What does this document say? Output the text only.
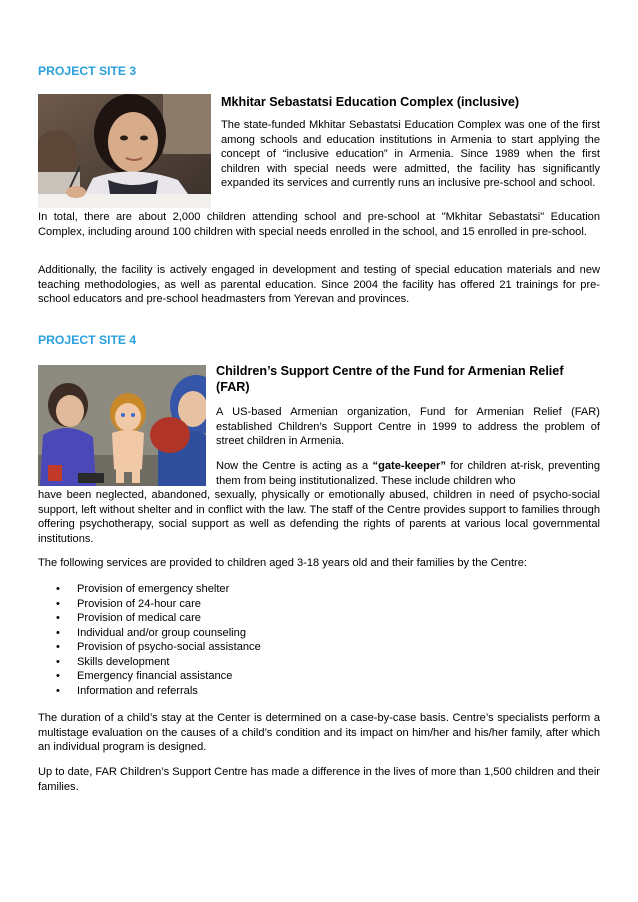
PROJECT SITE 3
Mkhitar Sebastatsi Education Complex (inclusive)

The state-funded Mkhitar Sebastatsi Education Complex was one of the first among schools and education institutions in Armenia to start applying the concept of “inclusive education” in Armenia. Since 1989 when the first children with special needs were admitted, the facility has significantly expanded its services and currently runs an inclusive pre-school and school.

In total, there are about 2,000 children attending school and pre-school at "Mkhitar Sebastatsi" Education Complex, including around 100 children with special needs enrolled in the school, and 15 enrolled in pre-school.

Additionally, the facility is actively engaged in development and testing of special education materials and new teaching methodologies, as well as parental education. Since 2004 the facility has offered 21 trainings for pre-school educators and pre-school headmasters from Yerevan and provinces.

PROJECT SITE 4
Children’s Support Centre of the Fund for Armenian Relief (FAR)

A US-based Armenian organization, Fund for Armenian Relief (FAR) established Children’s Support Centre in 1999 to address the problem of street children in Armenia.

Now the Centre is acting as a “gate-keeper” for children at-risk, preventing them from being institutionalized. These include children who

have been neglected, abandoned, sexually, physically or emotionally abused, children in need of psycho-social support, left without shelter and in conflict with the law. The staff of the Centre provides support to families through offering psychotherapy, social support as well as defending the rights of parents at various local governmental institutions.

The following services are provided to children aged 3-18 years old and their families by the Centre:

• Provision of emergency shelter
• Provision of 24-hour care
• Provision of medical care
• Individual and/or group counseling
• Provision of psycho-social assistance
• Skills development
• Emergency financial assistance
• Information and referrals

The duration of a child’s stay at the Center is determined on a case-by-case basis. Centre’s specialists perform a multistage evaluation on the causes of a child’s condition and its impact on him/her and his/her family, after which an individual program is designed.

Up to date, FAR Children’s Support Centre has made a difference in the lives of more than 1,500 children and their families.
